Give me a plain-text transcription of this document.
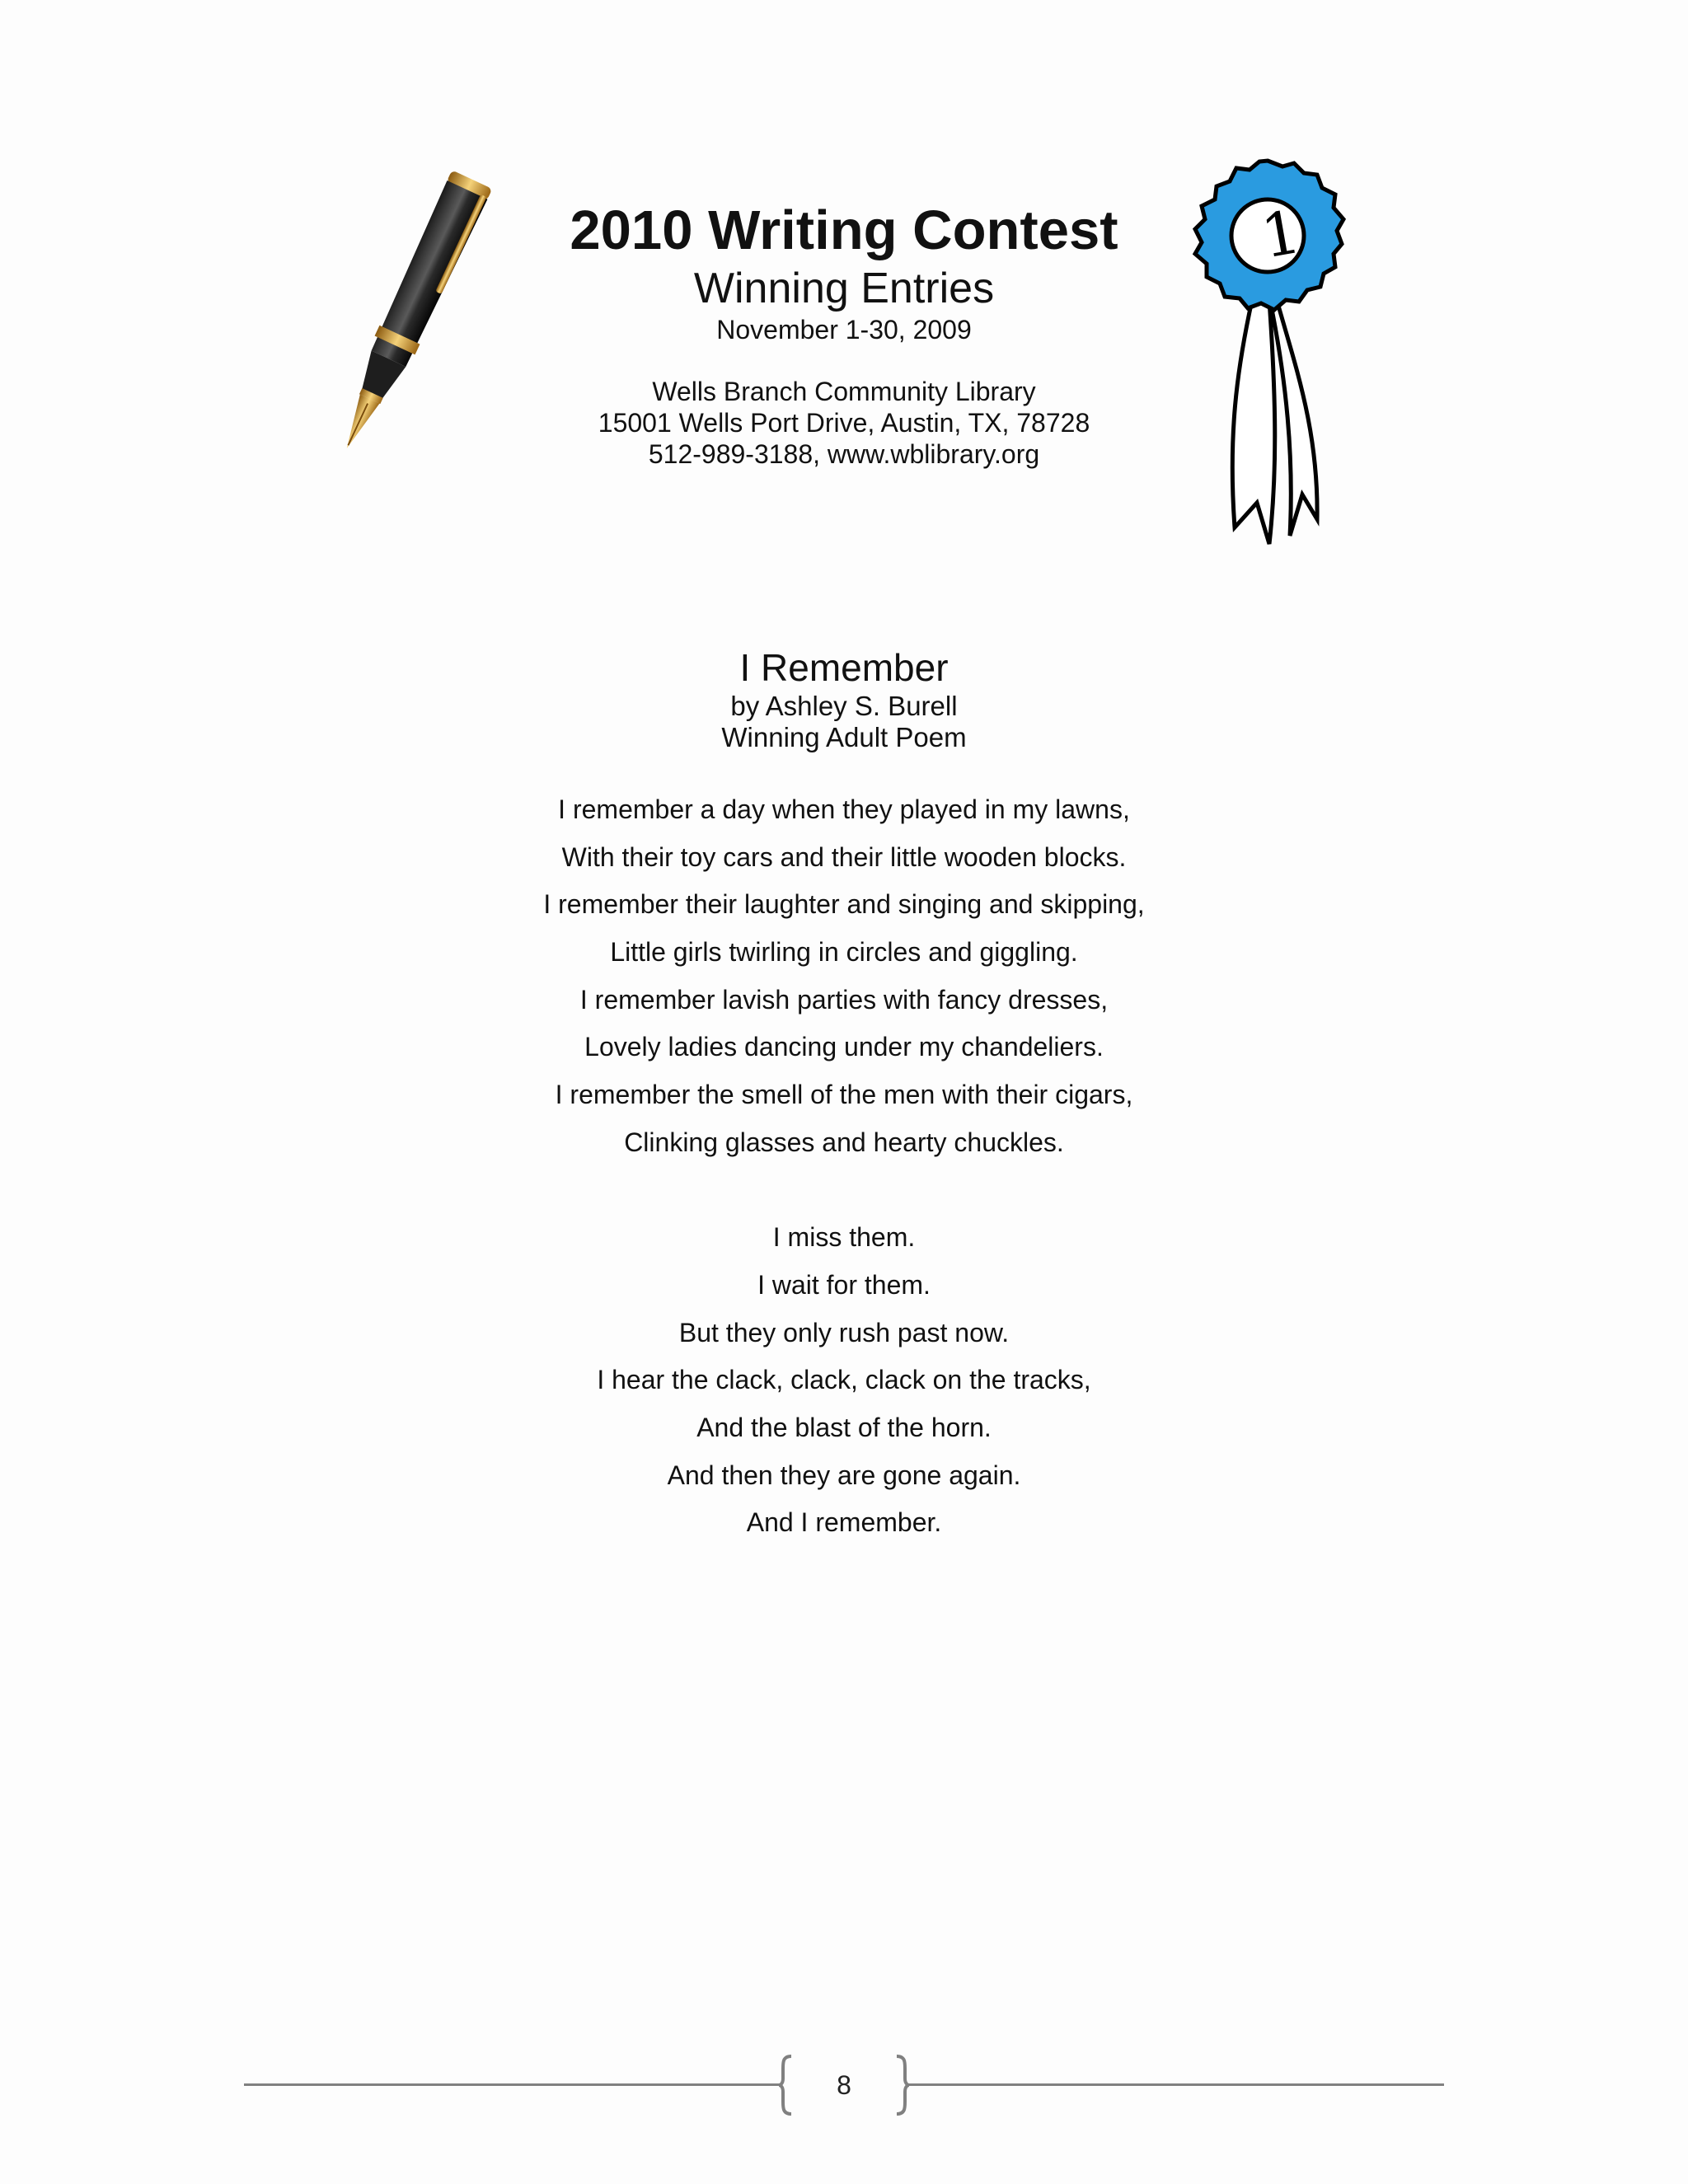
1
2010 Writing Contest
Winning Entries
November 1-30, 2009
Wells Branch Community Library
15001 Wells Port Drive, Austin, TX, 78728
512-989-3188, www.wblibrary.org
I Remember
by Ashley S. Burell
Winning Adult Poem
I remember a day when they played in my lawns,
With their toy cars and their little wooden blocks.
I remember their laughter and singing and skipping,
Little girls twirling in circles and giggling.
I remember lavish parties with fancy dresses,
Lovely ladies dancing under my chandeliers.
I remember the smell of the men with their cigars,
Clinking glasses and hearty chuckles.
I miss them.
I wait for them.
But they only rush past now.
I hear the clack, clack, clack on the tracks,
And the blast of the horn.
And then they are gone again.
And I remember.
8
